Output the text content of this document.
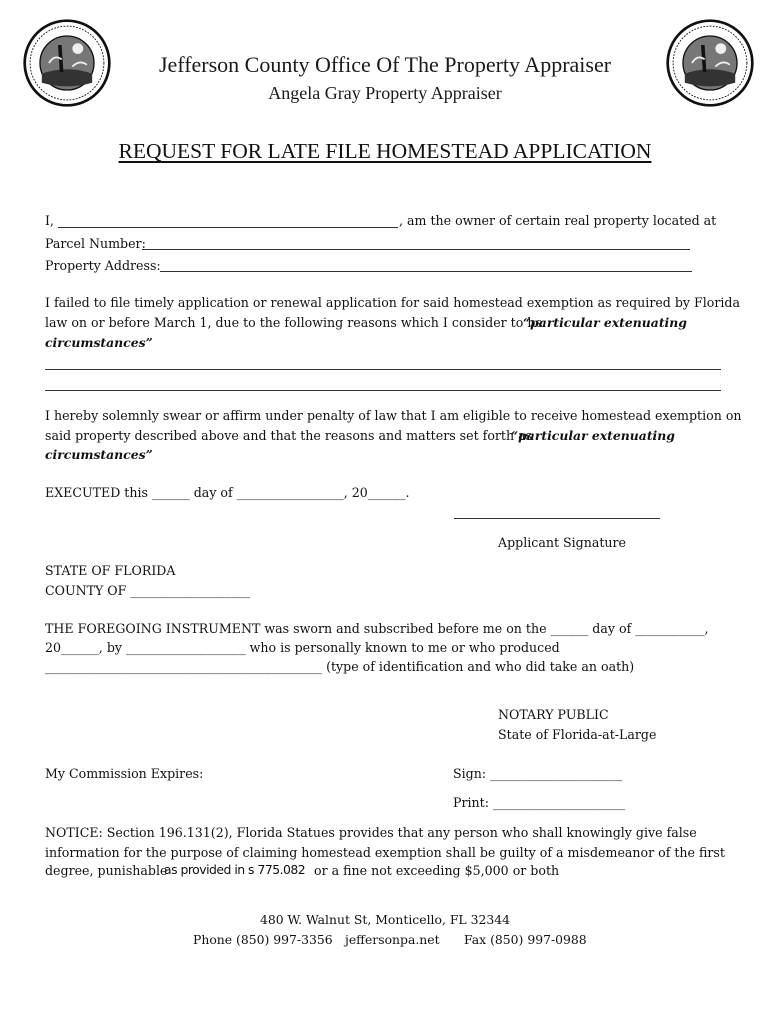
Jefferson County Office Of The Property Appraiser
Angela Gray Property Appraiser
REQUEST FOR LATE FILE HOMESTEAD APPLICATION
I,	, am the owner of certain real property located at
Parcel Number:
Property Address:
I failed to file timely application or renewal application for said homestead exemption as required by Florida
law on or before March 1, due to the following reasons which I consider to be
“particular extenuating
circumstances”
I hereby solemnly swear or affirm under penalty of law that I am eligible to receive homestead exemption on
said property described above and that the reasons and matters set forth as
“particular extenuating
circumstances”
EXECUTED this ______ day of _________________, 20______.
Applicant Signature
STATE OF FLORIDA
COUNTY OF ___________________
THE FOREGOING INSTRUMENT was sworn and subscribed before me on the ______ day of ___________,
20______, by ___________________ who is personally known to me or who produced
____________________________________________ (type of identification and who did take an oath)
NOTARY PUBLIC
State of Florida-at-Large
My Commission Expires:	Sign: _____________________
Print: _____________________
NOTICE: Section 196.131(2), Florida Statues provides that any person who shall knowingly give false
information for the purpose of claiming homestead exemption shall be guilty of a misdemeanor of the first
degree, punishable
as provided in s 775.082 or a fine not exceeding $5,000 or both
480 W. Walnut St, Monticello, FL 32344
Phone (850) 997-3356 jeffersonpa.net Fax (850) 997-0988
